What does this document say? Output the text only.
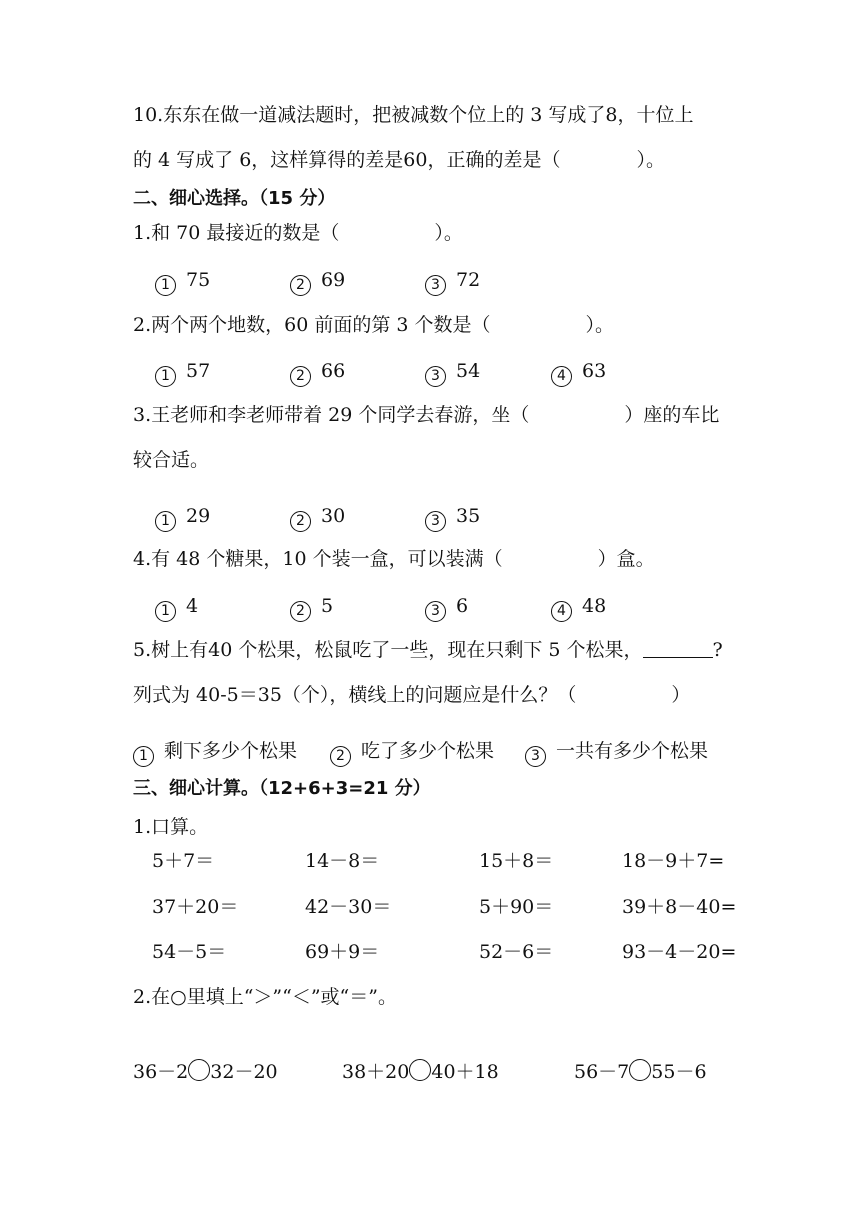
10.东东在做一道减法题时，把被减数个位上的 3 写成了8，十位上
的 4 写成了 6，这样算得的差是60，正确的差是（　　　　）。
二、细心选择。（15 分）
1.和 70 最接近的数是（　　　　　）。
1 75	2 69	3 72
2.两个两个地数，60 前面的第 3 个数是（　　　　　）。
1 57	2 66	3 54	4 63
3.王老师和李老师带着 29 个同学去春游，坐（　　　　　）座的车比
较合适。
1 29	2 30	3 35
4.有 48 个糖果，10 个装一盒，可以装满（　　　　　）盒。
1 4	2 5	3 6	4 48
5.树上有40 个松果，松鼠吃了一些，现在只剩下 5 个松果，	?
列式为 40-5＝35（个），横线上的问题应是什么？（　　　　　）
1 剩下多少个松果	2 吃了多少个松果	3 一共有多少个松果
三、细心计算。（12+6+3=21 分）
1.口算。
5＋7＝	14－8＝	15＋8＝	18－9＋7=
37＋20＝	42－30＝	5＋90＝	39＋8－40=
54－5＝	69＋9＝	52－6＝	93－4－20=
2.在○里填上“＞”“＜”或“＝”。
36－2 32－20	38＋20 40＋18	56－7 55－6
